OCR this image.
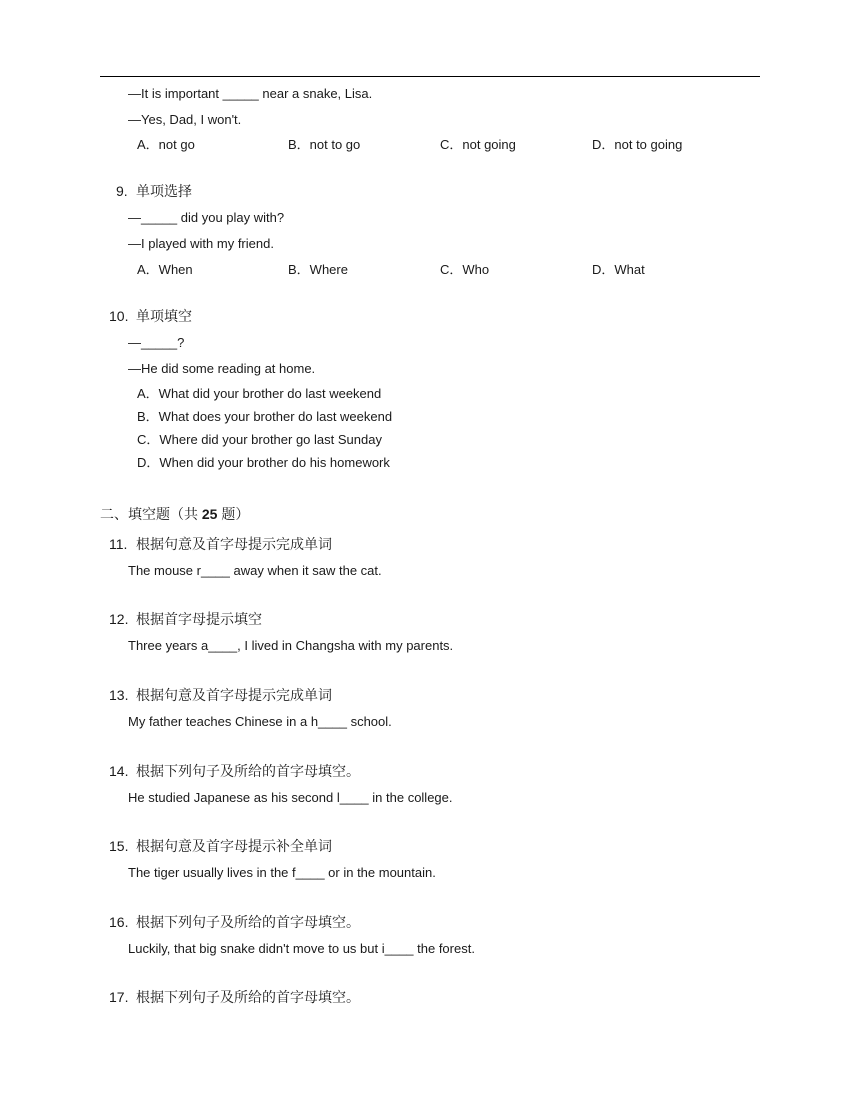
—It is important _____ near a snake, Lisa.
—Yes, Dad, I won't.
A．not go	B．not to go	C．not going	D．not to going
9. 单项选择
—_____ did you play with?
—I played with my friend.
A．When	B．Where	C．Who	D．What
10. 单项填空
—_____?
—He did some reading at home.
A．What did your brother do last weekend
B．What does your brother do last weekend
C．Where did your brother go last Sunday
D．When did your brother do his homework
二、填空题（共 25 题）
11. 根据句意及首字母提示完成单词
The mouse r____ away when it saw the cat.
12. 根据首字母提示填空
Three years a____, I lived in Changsha with my parents.
13. 根据句意及首字母提示完成单词
My father teaches Chinese in a h____ school.
14. 根据下列句子及所给的首字母填空。
He studied Japanese as his second l____ in the college.
15. 根据句意及首字母提示补全单词
The tiger usually lives in the f____ or in the mountain.
16. 根据下列句子及所给的首字母填空。
Luckily, that big snake didn't move to us but i____ the forest.
17. 根据下列句子及所给的首字母填空。
